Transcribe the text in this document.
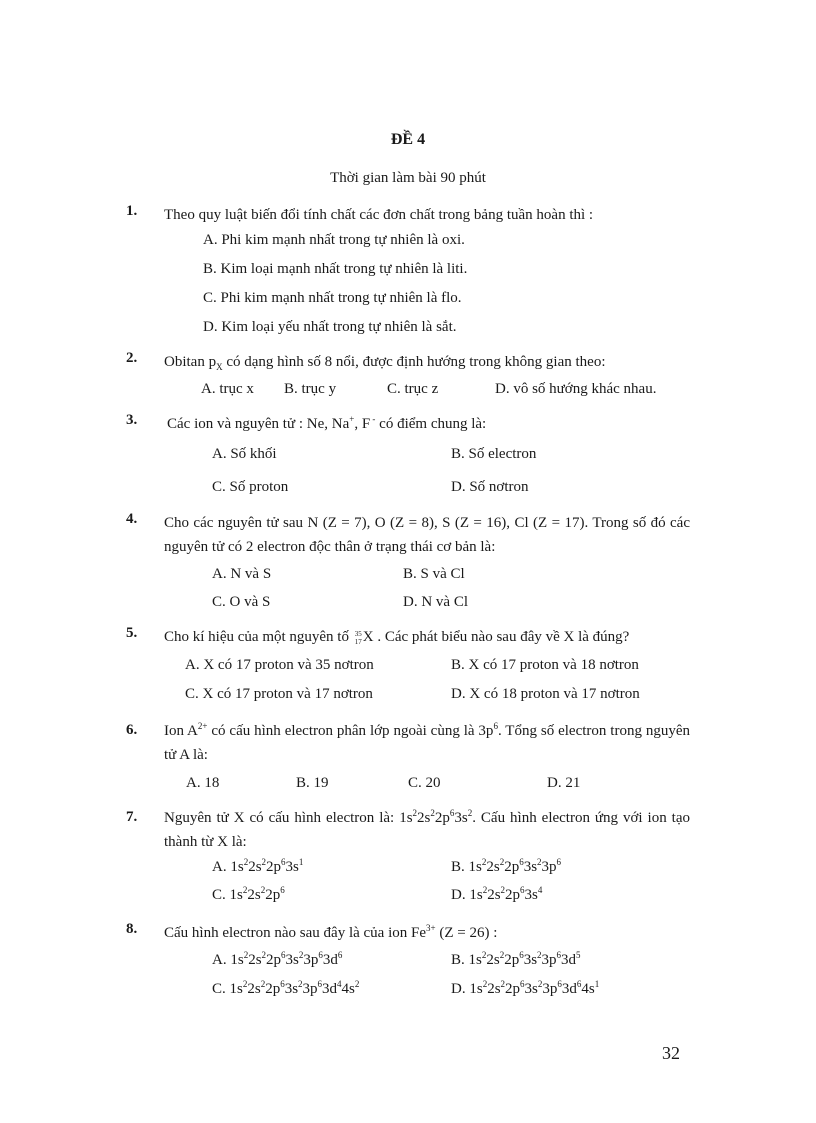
ĐỀ 4
Thời gian làm bài 90 phút
1. Theo quy luật biến đổi tính chất các đơn chất trong bảng tuần hoàn thì :
A. Phi kim mạnh nhất trong tự nhiên là oxi.
B. Kim loại mạnh nhất trong tự nhiên là liti.
C. Phi kim mạnh nhất trong tự nhiên là flo.
D. Kim loại yếu nhất trong tự nhiên là sắt.
2. Obitan $p_X$ có dạng hình số 8 nổi, được định hướng trong không gian theo:
A. trục x B. trục y	C. trục z	D. vô số hướng khác nhau.
3. Các ion và nguyên tử : Ne, Na+, F - có điểm chung là:
A. Số khối	B. Số electron
C. Số proton	D. Số nơtron
4. Cho các nguyên tử sau N (Z = 7), O (Z = 8), S (Z = 16), Cl (Z = 17). Trong số đó các nguyên tử có 2 electron độc thân ở trạng thái cơ bản là:
A. N và S	B. S và Cl
C. O và S	D. N và Cl
5. Cho kí hiệu của một nguyên tố 35
17 X . Các phát biểu nào sau đây về X là đúng?
A. X có 17 proton và 35 nơtron	B. X có 17 proton và 18 nơtron
C. X có 17 proton và 17 nơtron	D. X có 18 proton và 17 nơtron
6. Ion $A^{2+}$ có cấu hình electron phân lớp ngoài cùng là $3p^6$. Tổng số electron trong nguyên tử A là:
A. 18	B. 19	C. 20	D. 21
7. Nguyên tử X có cấu hình electron là: $1s^22s^22p^63s^2$. Cấu hình electron ứng với ion tạo thành từ X là:
A. $1s^22s^22p^63s^1$	B. $1s^22s^22p^63s^23p^6$
C. $1s^22s^22p^6$	D. $1s^22s^22p^63s^4$
8. Cấu hình electron nào sau đây là của ion $Fe^{3+}$ (Z = 26) :
A. $1s^22s^22p^63s^23p^63d^6$	B. $1s^22s^22p^63s^23p^63d^5$
C. $1s^22s^22p^63s^23p^63d^44s^2$	D. $1s^22s^22p^63s^23p^63d^64s^1$
32
